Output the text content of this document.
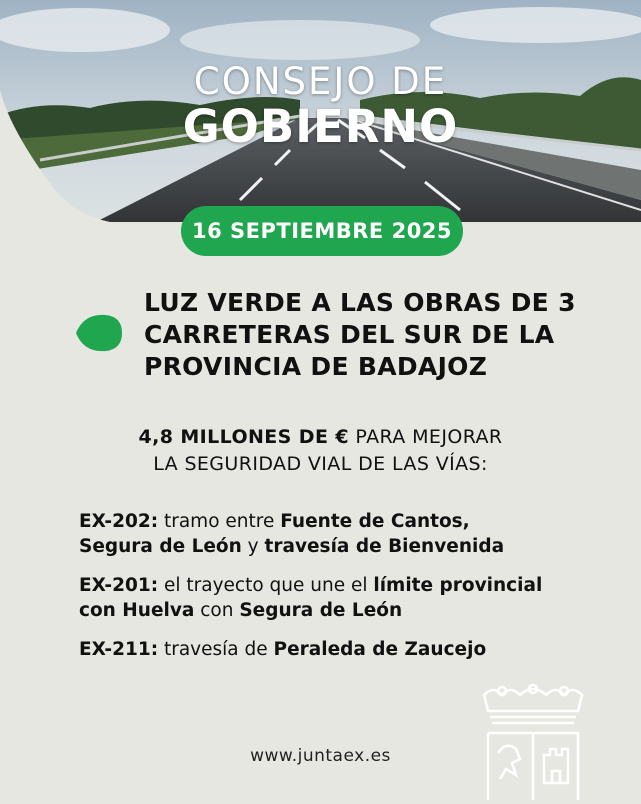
CONSEJO DE
GOBIERNO
16 SEPTIEMBRE 2025
LUZ VERDE A LAS OBRAS DE 3 CARRETERAS DEL SUR DE LA PROVINCIA DE BADAJOZ
4,8 MILLONES DE € PARA MEJORAR
LA SEGURIDAD VIAL DE LAS VÍAS:
EX-202: tramo entre Fuente de Cantos,
Segura de León y travesía de Bienvenida
EX-201: el trayecto que une el límite provincial
con Huelva con Segura de León
EX-211: travesía de Peraleda de Zaucejo
www.juntaex.es
